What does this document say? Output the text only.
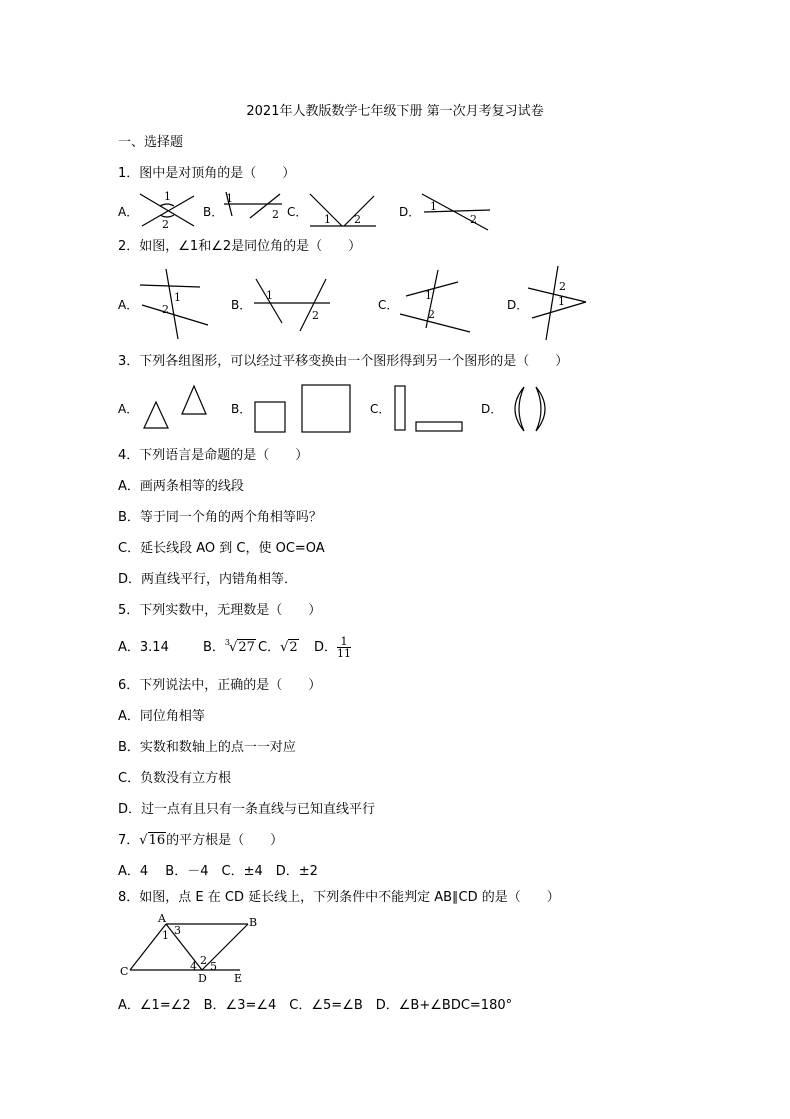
2021年人教版数学七年级下册 第一次月考复习试卷
一、选择题
1．图中是对顶角的是（　　）
A．
1
2
B．
1
2 C．
1 2
D． 1
2
2．如图，∠1和∠2是同位角的是（　　）
A．
1
2	B．
1
2
C．
1
2
D．
2
1
3．下列各组图形，可以经过平移变换由一个图形得到另一个图形的是（　　）
A．	B．	C．	D．
4．下列语言是命题的是（　　）
A．画两条相等的线段
B．等于同一个角的两个角相等吗？
C．延长线段 AO 到 C，使 OC=OA
D．两直线平行，内错角相等．
5．下列实数中，无理数是（　　）
A．3.14	B．$^3$√27 C．√2 D． $\frac{1}{11}$
6．下列说法中，正确的是（　　）
A．同位角相等
B．实数和数轴上的点一一对应
C．负数没有立方根
D．过一点有且只有一条直线与已知直线平行
7．√16的平方根是（　　）
A．4　 B．－4　C．±4　D．±2
8．如图，点 E 在 CD 延长线上，下列条件中不能判定 AB∥CD 的是（　　）
A	B
C
D E
1
2
3
4 5
A．∠1=∠2　B．∠3=∠4　C．∠5=∠B　D．∠B+∠BDC=180°
